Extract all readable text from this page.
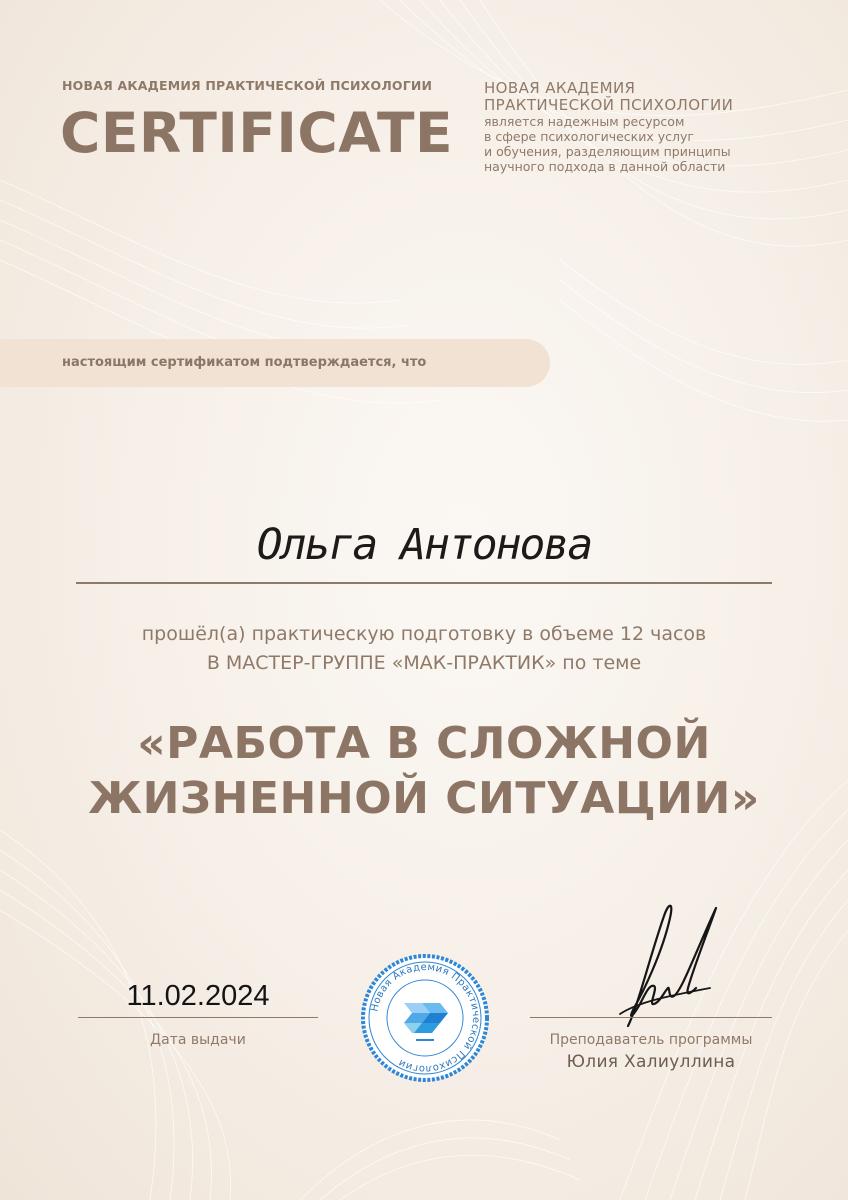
НОВАЯ АКАДЕМИЯ ПРАКТИЧЕСКОЙ ПСИХОЛОГИИ
CERTIFICATE
НОВАЯ АКАДЕМИЯ
ПРАКТИЧЕСКОЙ ПСИХОЛОГИИ
является надежным ресурсом
в сфере психологических услуг
и обучения, разделяющим принципы
научного подхода в данной области
настоящим сертификатом подтверждается, что
Ольга Антонова
прошёл(а) практическую подготовку в объеме 12 часов
В МАСТЕР-ГРУППЕ «МАК-ПРАКТИК» по теме
«РАБОТА В СЛОЖНОЙ
ЖИЗНЕННОЙ СИТУАЦИИ»
11.02.2024
Дата выдачи
Новая Академия Практической Психологии
Преподаватель программы
Юлия Халиуллина
